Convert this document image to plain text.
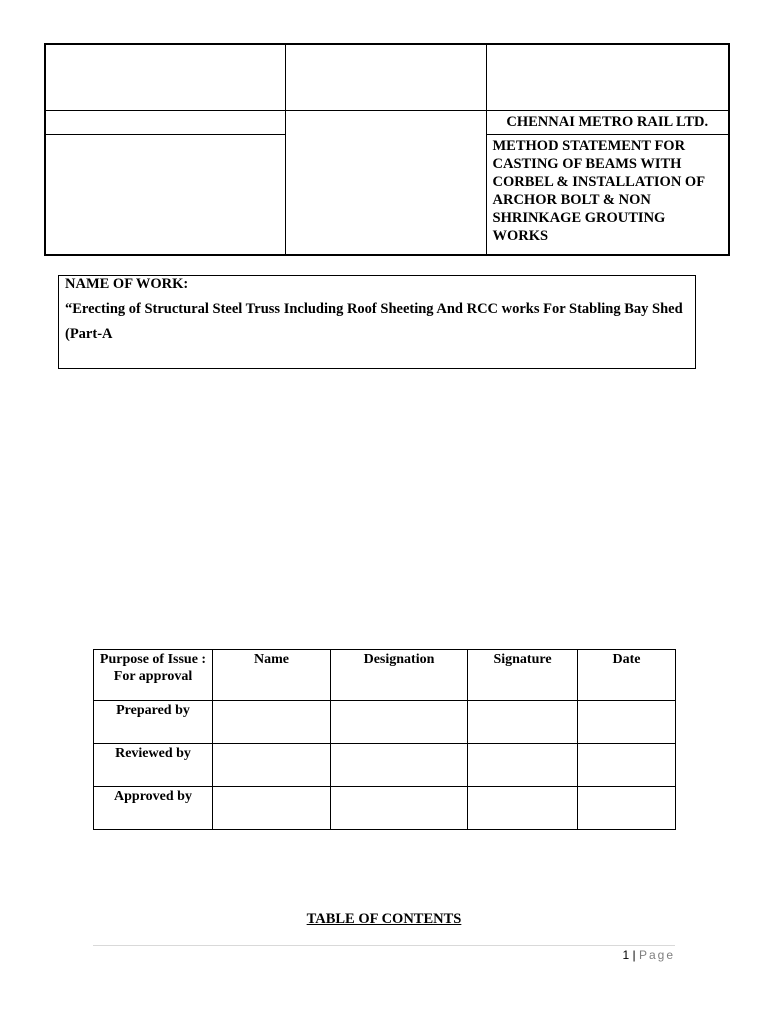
		CHENNAI METRO RAIL LTD.
		METHOD STATEMENT FOR CASTING OF BEAMS WITH CORBEL & INSTALLATION OF ARCHOR BOLT & NON SHRINKAGE GROUTING WORKS
NAME OF WORK:
“Erecting of Structural Steel Truss Including Roof Sheeting And RCC works For Stabling Bay Shed (Part-A
Purpose of Issue : For approval	Name	Designation	Signature	Date
Prepared by				
Reviewed by				
Approved by				
TABLE OF CONTENTS
1 | Page
